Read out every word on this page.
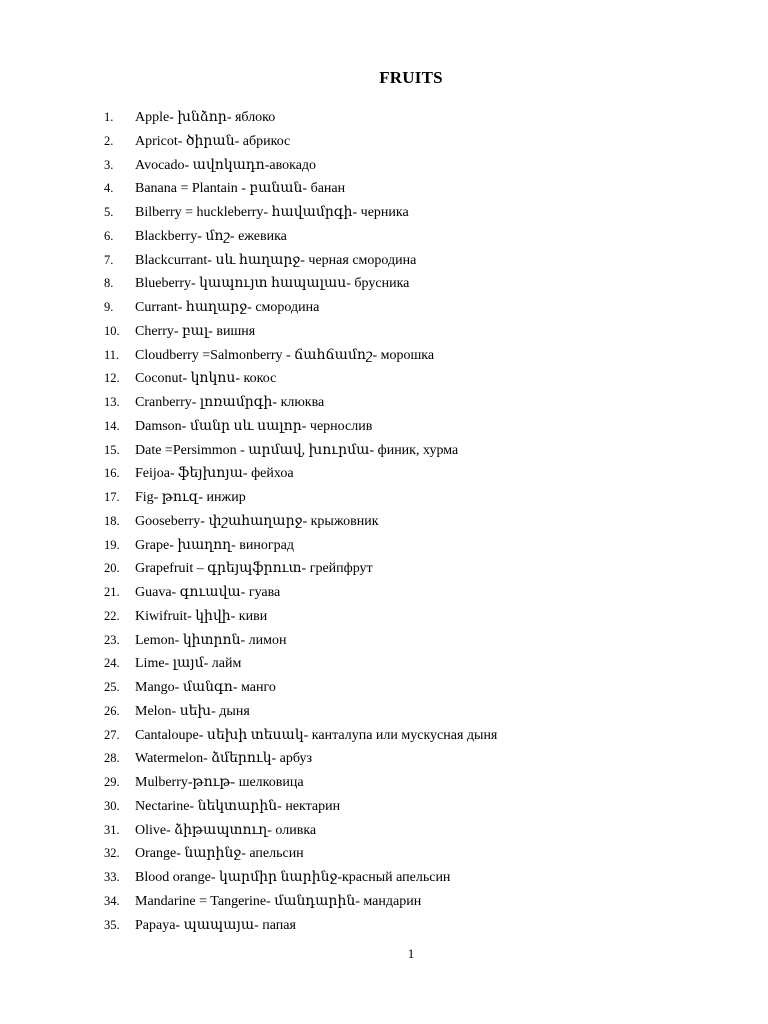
FRUITS
1. Apple- խնձոր- яблоко
2. Apricot- ծիրան- абрикос
3. Avocado- ավոկադո-авокадо
4. Banana = Plantain - բանան- банан
5. Bilberry = huckleberry- հավամրգի- черника
6. Blackberry- մոշ- ежевика
7. Blackcurrant- սև հաղարջ- черная смородина
8. Blueberry- կապույտ հապալաս- брусника
9. Currant- հաղարջ- смородина
10. Cherry- բալ- вишня
11. Cloudberry =Salmonberry - ճահճամոշ- морошка
12. Coconut- կոկոս- кокос
13. Cranberry- լոռամրգի- клюква
14. Damson- մանր սև սալոր- чернослив
15. Date =Persimmon - արմավ, խուրմա- финик, хурма
16. Feijoa- ֆեյխոյա- фейхоа
17. Fig- թուզ- инжир
18. Gooseberry- փշահաղարջ- крыжовник
19. Grape- խաղող- виноград
20. Grapefruit – գրեյպֆրուտ- грейпфрут
21. Guava- գուավա- гуава
22. Kiwifruit- կիվի- киви
23. Lemon- կիտրոն- лимон
24. Lime- լայմ- лайм
25. Mango- մանգո- манго
26. Melon- սեխ- дыня
27. Cantaloupe- սեխի տեսակ- канталупа или мускусная дыня
28. Watermelon- ձմերուկ- арбуз
29. Mulberry-թութ- шелковица
30. Nectarine- նեկտարին- нектарин
31. Olive- ձիթապտուղ- оливка
32. Orange- նարինջ- апельсин
33. Blood orange- կարմիր նարինջ-красный апельсин
34. Mandarine = Tangerine- մանդարին- мандарин
35. Papaya- պապայա- папая
1
